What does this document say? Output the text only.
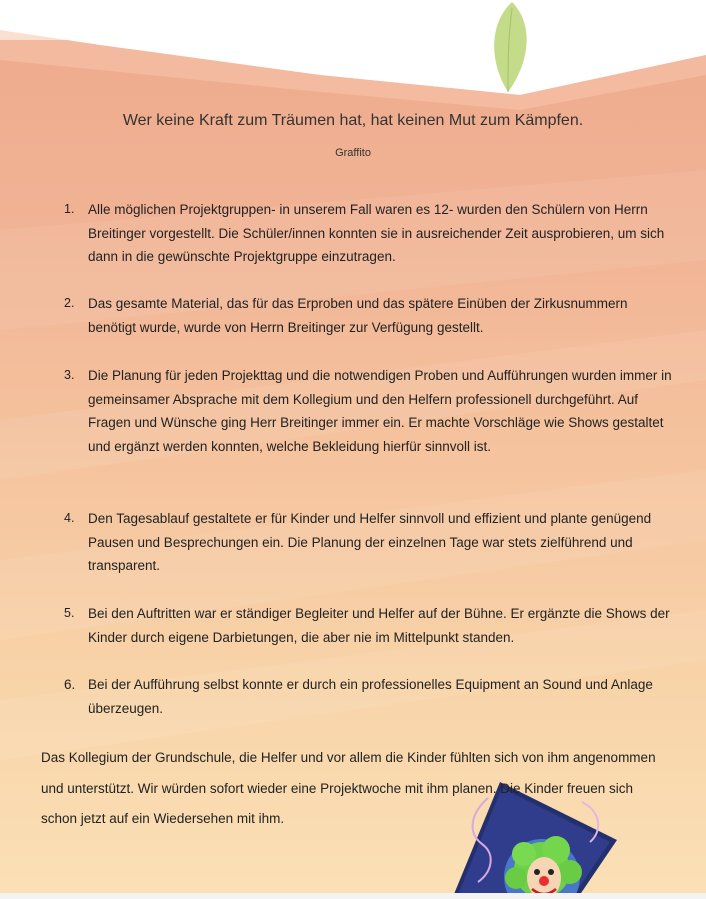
Wer keine Kraft zum Träumen hat, hat keinen Mut zum Kämpfen.
Graffito
1.	Alle möglichen Projektgruppen- in unserem Fall waren es 12- wurden den Schülern von Herrn Breitinger vorgestellt. Die Schüler/innen konnten sie in ausreichender Zeit ausprobieren, um sich dann in die gewünschte Projektgruppe einzutragen.
2.	Das gesamte Material, das für das Erproben und das spätere Einüben der Zirkusnummern benötigt wurde, wurde von Herrn Breitinger zur Verfügung gestellt.
3.	Die Planung für jeden Projekttag und die notwendigen Proben und Aufführungen wurden immer in gemeinsamer Absprache mit dem Kollegium und den Helfern professionell durchgeführt. Auf Fragen und Wünsche ging Herr Breitinger immer ein. Er machte Vorschläge wie Shows gestaltet und ergänzt werden konnten, welche Bekleidung hierfür sinnvoll ist.
4.	Den Tagesablauf gestaltete er für Kinder und Helfer sinnvoll und effizient und plante genügend Pausen und Besprechungen ein. Die Planung der einzelnen Tage war stets zielführend und transparent.
5.	Bei den Auftritten war er ständiger Begleiter und Helfer auf der Bühne. Er ergänzte die Shows der Kinder durch eigene Darbietungen, die aber nie im Mittelpunkt standen.
6. Bei der Aufführung selbst konnte er durch ein professionelles Equipment an Sound und Anlage überzeugen.
Das Kollegium der Grundschule, die Helfer und vor allem die Kinder fühlten sich von ihm angenommen und unterstützt. Wir würden sofort wieder eine Projektwoche mit ihm planen. Die Kinder freuen sich schon jetzt auf ein Wiedersehen mit ihm.
